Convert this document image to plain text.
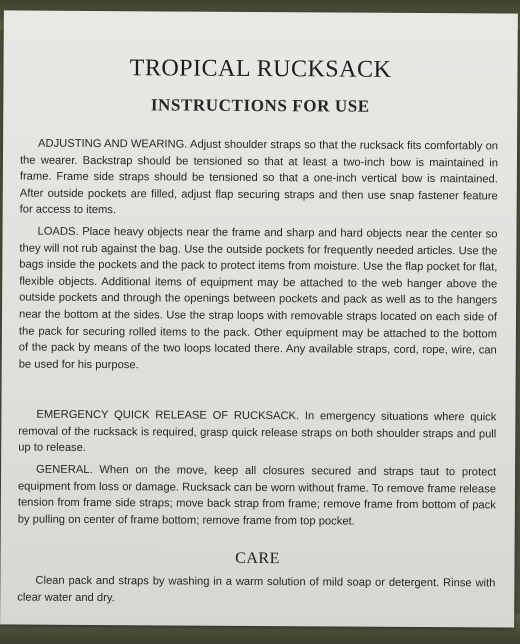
TROPICAL RUCKSACK
INSTRUCTIONS FOR USE

ADJUSTING AND WEARING. Adjust shoulder straps so that the rucksack fits comfortably on the wearer. Backstrap should be tensioned so that at least a two-inch bow is maintained in frame. Frame side straps should be tensioned so that a one-inch vertical bow is maintained. After outside pockets are filled, adjust flap securing straps and then use snap fastener feature for access to items.

LOADS. Place heavy objects near the frame and sharp and hard objects near the center so they will not rub against the bag. Use the outside pockets for frequently needed articles. Use the bags inside the pockets and the pack to protect items from moisture. Use the flap pocket for flat, flexible objects. Additional items of equipment may be attached to the web hanger above the outside pockets and through the openings between pockets and pack as well as to the hangers near the bottom at the sides. Use the strap loops with removable straps located on each side of the pack for securing rolled items to the pack. Other equipment may be attached to the bottom of the pack by means of the two loops located there. Any available straps, cord, rope, wire, can be used for his purpose.

EMERGENCY QUICK RELEASE OF RUCKSACK. In emergency situations where quick removal of the rucksack is required, grasp quick release straps on both shoulder straps and pull up to release.

GENERAL. When on the move, keep all closures secured and straps taut to protect equipment from loss or damage. Rucksack can be worn without frame. To remove frame release tension from frame side straps; move back strap from frame; remove frame from bottom of pack by pulling on center of frame bottom; remove frame from top pocket.

CARE

Clean pack and straps by washing in a warm solution of mild soap or detergent. Rinse with clear water and dry.
